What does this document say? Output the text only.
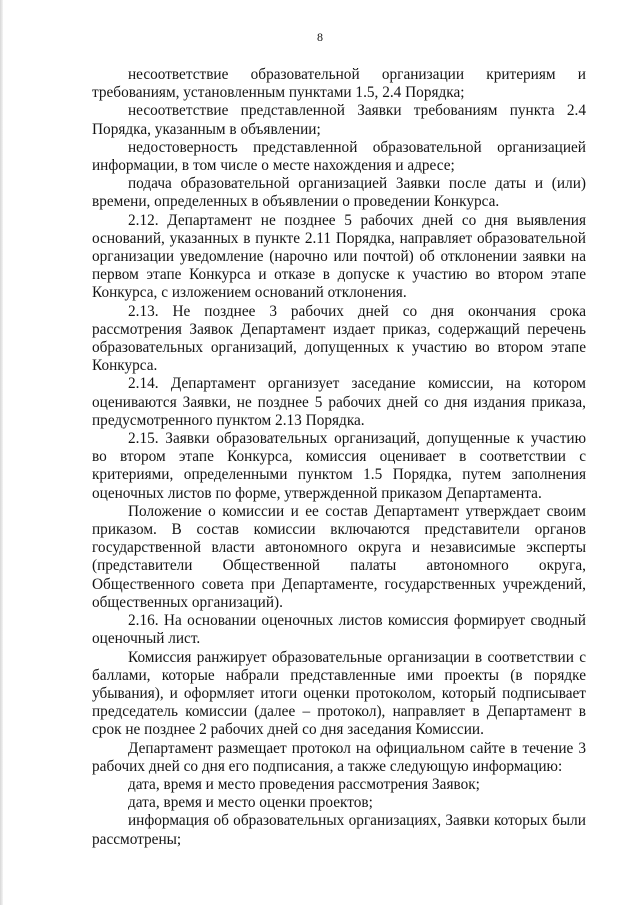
8

несоответствие образовательной организации критериям и требованиям, установленным пунктами 1.5, 2.4 Порядка;

несоответствие представленной Заявки требованиям пункта 2.4 Порядка, указанным в объявлении;

недостоверность представленной образовательной организацией информации, в том числе о месте нахождения и адресе;

подача образовательной организацией Заявки после даты и (или) времени, определенных в объявлении о проведении Конкурса.

2.12. Департамент не позднее 5 рабочих дней со дня выявления оснований, указанных в пункте 2.11 Порядка, направляет образовательной организации уведомление (нарочно или почтой) об отклонении заявки на первом этапе Конкурса и отказе в допуске к участию во втором этапе Конкурса, с изложением оснований отклонения.

2.13. Не позднее 3 рабочих дней со дня окончания срока рассмотрения Заявок Департамент издает приказ, содержащий перечень образовательных организаций, допущенных к участию во втором этапе Конкурса.

2.14. Департамент организует заседание комиссии, на котором оцениваются Заявки, не позднее 5 рабочих дней со дня издания приказа, предусмотренного пунктом 2.13 Порядка.

2.15. Заявки образовательных организаций, допущенные к участию во втором этапе Конкурса, комиссия оценивает в соответствии с критериями, определенными пунктом 1.5 Порядка, путем заполнения оценочных листов по форме, утвержденной приказом Департамента.

Положение о комиссии и ее состав Департамент утверждает своим приказом. В состав комиссии включаются представители органов государственной власти автономного округа и независимые эксперты (представители Общественной палаты автономного округа, Общественного совета при Департаменте, государственных учреждений, общественных организаций).

2.16. На основании оценочных листов комиссия формирует сводный оценочный лист.

Комиссия ранжирует образовательные организации в соответствии с баллами, которые набрали представленные ими проекты (в порядке убывания), и оформляет итоги оценки протоколом, который подписывает председатель комиссии (далее – протокол), направляет в Департамент в срок не позднее 2 рабочих дней со дня заседания Комиссии.

Департамент размещает протокол на официальном сайте в течение 3 рабочих дней со дня его подписания, а также следующую информацию:

дата, время и место проведения рассмотрения Заявок;

дата, время и место оценки проектов;

информация об образовательных организациях, Заявки которых были рассмотрены;
